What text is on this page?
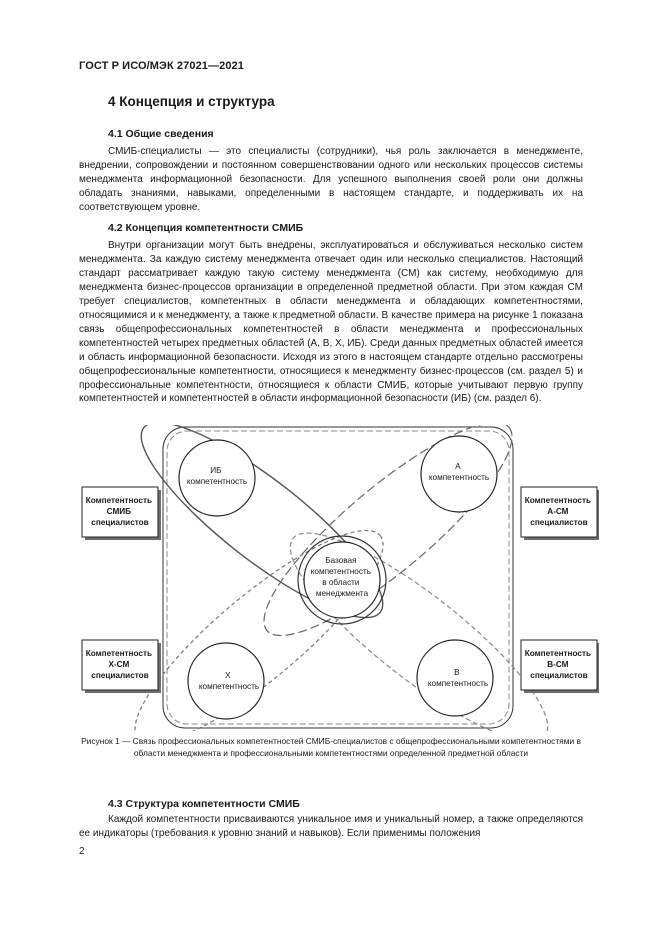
ГОСТ Р ИСО/МЭК 27021—2021
4 Концепция и структура
4.1 Общие сведения

СМИБ-специалисты — это специалисты (сотрудники), чья роль заключается в менеджменте, внедрении, сопровождении и постоянном совершенствовании одного или нескольких процессов системы менеджмента информационной безопасности. Для успешного выполнения своей роли они должны обладать знаниями, навыками, определенными в настоящем стандарте, и поддерживать их на соответствующем уровне.

4.2 Концепция компетентности СМИБ

Внутри организации могут быть внедрены, эксплуатироваться и обслуживаться несколько систем менеджмента. За каждую систему менеджмента отвечает один или несколько специалистов. Настоящий стандарт рассматривает каждую такую систему менеджмента (СМ) как систему, необходимую для менеджмента бизнес-процессов организации в определенной предметной области. При этом каждая СМ требует специалистов, компетентных в области менеджмента и обладающих компетентностями, относящимися и к менеджменту, а также к предметной области. В качестве примера на рисунке 1 показана связь общепрофессиональных компетентностей в области менеджмента и профессиональных компетентностей четырех предметных областей (А, В, X, ИБ). Среди данных предметных областей имеется и область информационной безопасности. Исходя из этого в настоящем стандарте отдельно рассмотрены общепрофессиональные компетентности, относящиеся к менеджменту бизнес-процессов (см. раздел 5) и профессиональные компетентности, относящиеся к области СМИБ, которые учитывают первую группу компетентностей и компетентностей в области информационной безопасности (ИБ) (см. раздел 6).

ИБ компетентность
А компетентность
Базовая компетентность в области менеджмента
X компетентность
В компетентность
Компетентность СМИБ специалистов
Компетентность А-СМ специалистов
Компетентность Х-СМ специалистов
Компетентность В-СМ специалистов

Рисунок 1 — Связь профессиональных компетентностей СМИБ-специалистов с общепрофессиональными компетентностями в области менеджмента и профессиональными компетентностями определенной предметной области

4.3 Структура компетентности СМИБ

Каждой компетентности присваиваются уникальное имя и уникальный номер, а также определяются ее индикаторы (требования к уровню знаний и навыков). Если применимы положения

2
